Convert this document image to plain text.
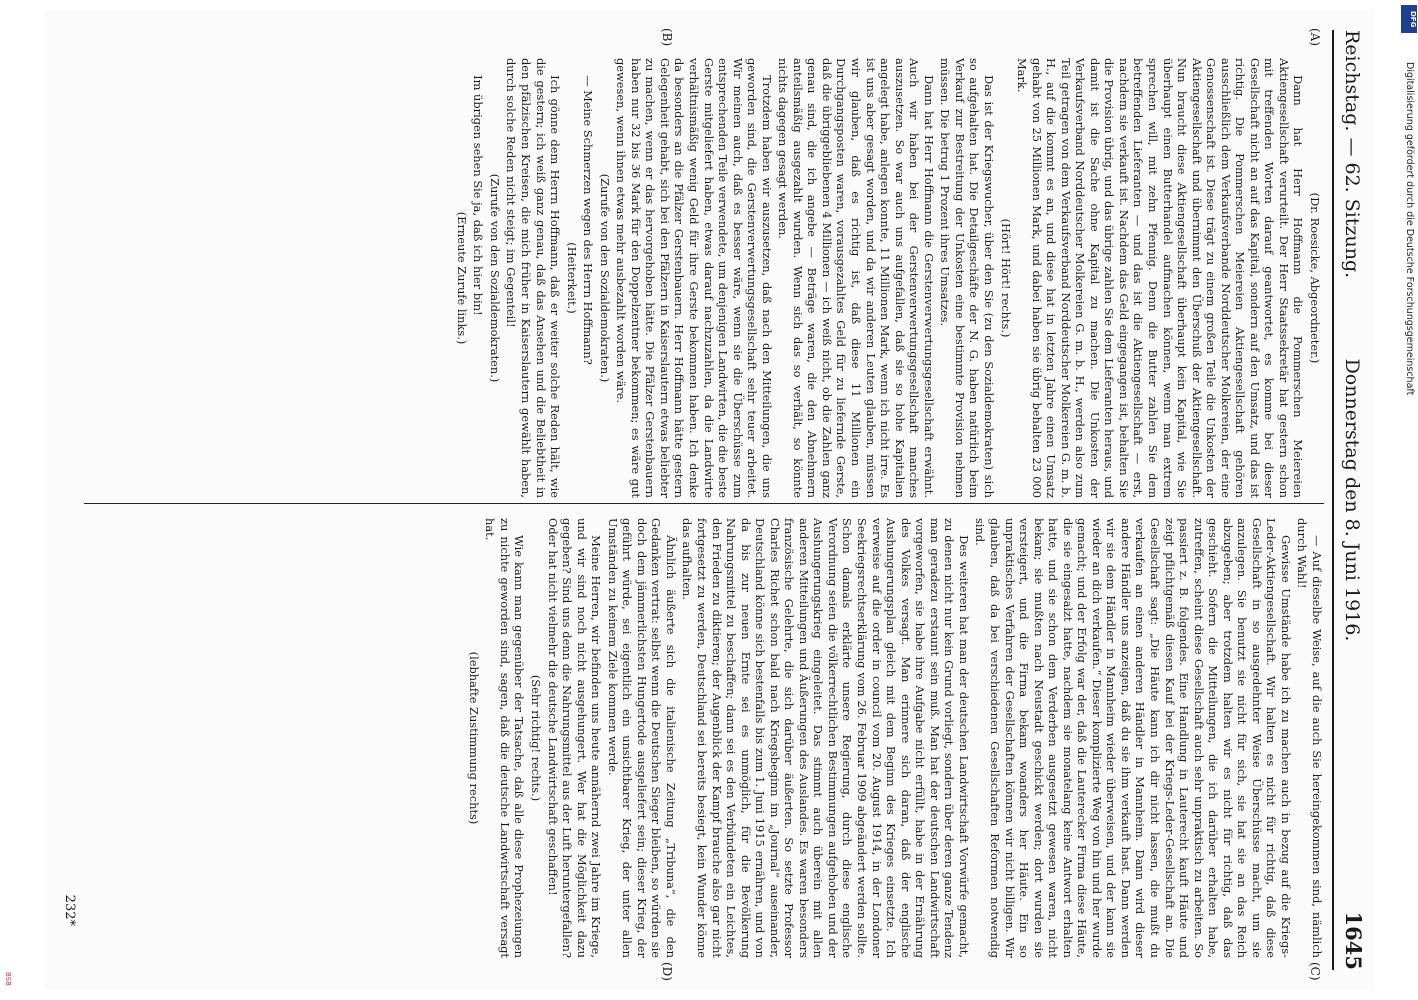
Reichstag. — 62. Sitzung.
Donnerstag den 8. Juni 1916.
1645
(A)
(B)
(C)
(D)

(Dr. Roesicke, Abgeordneter.)

Dann hat Herr Hoffmann die Pommerschen Meiereien Aktiengesellschaft verurteilt. Der Herr Staatssekretär hat gestern schon mit treffenden Worten darauf geantwortet, es komme bei dieser Gesellschaft nicht an auf das Kapital, sondern auf den Umsatz, und das ist richtig. Die Pommerschen Meiereien Aktiengesellschaft gehören ausschließlich dem Verkaufsverbande Norddeutscher Molkereien, der eine Genossenschaft ist. Diese trägt zu einem großen Teile die Unkosten der Aktiengesellschaft und übernimmt den Überschuß der Aktiengesellschaft. Nun braucht diese Aktiengesellschaft überhaupt kein Kapital, wie Sie überhaupt einen Butterhandel aufmachen können, wenn man extrem sprechen will, mit zehn Pfennig. Denn die Butter zahlen Sie dem betreffenden Lieferanten — und das ist die Aktiengesellschaft — erst, nachdem sie verkauft ist. Nachdem das Geld eingegangen ist, behalten Sie die Provision übrig, und das übrige zahlen Sie dem Lieferanten heraus, und damit ist die Sache ohne Kapital zu machen. Die Unkosten der Verkaufsverband Norddeutscher Molkereien G. m. b. H., werden also zum Teil getragen von dem Verkaufsverband Norddeutscher Molkereien G. m. b. H., auf die kommt es an, und diese hat in letzten Jahre einen Umsatz gehabt von 25 Millionen Mark, und dabei haben sie übrig behalten 23 000 Mark.

(Hört! Hört! rechts.)

Das ist der Kriegswucher, über den Sie (zu den Sozialdemokraten) sich so aufgehalten hat. Die Detailgeschäfte der N. G. haben natürlich beim Verkauf zur Bestreitung der Unkosten eine bestimmte Provision nehmen müssen. Die betrug 1 Prozent ihres Umsatzes.

Dann hat Herr Hoffmann die Gerstenverwertungsgesellschaft erwähnt. Auch wir haben bei der Gerstenverwertungsgesellschaft manches auszusetzen. So war auch uns aufgefallen, daß sie so hohe Kapitalien angelegt habe, anlegen konnte, 11 Millionen Mark, wenn ich nicht irre. Es ist uns aber gesagt worden, und da wir anderen Leuten glauben, müssen wir glauben, daß es richtig ist, daß diese 11 Millionen ein Durchgangsposten waren, vorausgezahltes Geld für zu liefernde Gerste, daß die übriggebliebenen 4 Millionen — ich weiß nicht, ob die Zahlen ganz genau sind, die ich angebe — Beträge waren, die den Abnehmern anteilsmäßig ausgezahlt wurden. Wenn sich das so verhält, so könnte nichts dagegen gesagt werden.

Trotzdem haben wir auszusetzen, daß nach den Mitteilungen, die uns geworden sind, die Gerstenverwertungsgesellschaft sehr teuer arbeitet. Wir meinen auch, daß es besser wäre, wenn sie die Überschüsse zum entsprechenden Teile verwendete, um denjenigen Landwirten, die die beste Gerste mitgeliefert haben, etwas darauf nachzuzahlen, da die Landwirte verhältnismäßig wenig Geld für ihre Gerste bekommen haben. Ich denke da besonders an die Pfälzer Gerstenbauern. Herr Hoffmann hätte gestern Gelegenheit gehabt, sich bei den Pfälzern in Kaiserslautern etwas beliebter zu machen, wenn er das hervorgehoben hätte. Die Pfälzer Gerstenbauern haben nur 32 bis 36 Mark für den Doppelzentner bekommen; es wäre gut gewesen, wenn ihnen etwas mehr ausbezahlt worden wäre.

(Zurufe von den Sozialdemokraten.)

— Meine Schmerzen wegen des Herrn Hoffmann?

(Heiterkeit.)

Ich gönne dem Herrn Hoffmann, daß er weiter solche Reden hält, wie die gestern; ich weiß ganz genau, daß das Ansehen und die Beliebtheit in den pfälzischen Kreisen, die mich früher in Kaiserslautern gewählt haben, durch solche Reden nicht steigt; im Gegenteil!

(Zurufe von den Sozialdemokraten.)

Im übrigen sehen Sie ja, daß ich hier bin!

(Erneute Zurufe links.)

— Auf dieselbe Weise, auf die auch Sie hereingekommen sind, nämlich durch Wahl!

Gewisse Umstände habe ich zu machen auch in bezug auf die Kriegs-Leder-Aktiengesellschaft. Wir halten es nicht für richtig, daß diese Gesellschaft in so ausgedehnter Weise Überschüsse macht, um sie anzulegen. Sie benutzt sie nicht für sich, sie hat sie an das Reich abzugeben; aber trotzdem halten wir es nicht für richtig, daß das geschieht. Sofern die Mitteilungen, die ich darüber erhalten habe, zutreffen, scheint diese Gesellschaft auch sehr unpraktisch zu arbeiten. So passiert z. B. folgendes. Eine Handlung in Lauterecht kauft Häute und zeigt pflichtgemäß diesen Kauf bei der Kriegs-Leder-Gesellschaft an. Die Gesellschaft sagt: „Die Häute kann ich dir nicht lassen, die mußt du verkaufen an einen anderen Händler in Mannheim. Dann wird dieser andere Händler uns anzeigen, daß du sie ihm verkauft hast. Dann werden wir sie dem Händler in Mannheim wieder überweisen, und der kann sie wieder an dich verkaufen.“ Dieser komplizierte Weg von hin und her wurde gemacht; und der Erfolg war der, daß die Lauterecker Firma diese Häute, die sie eingesalzt hatte, nachdem sie monatelang keine Antwort erhalten hatte, und sie schon dem Verderben ausgesetzt gewesen waren, nicht bekam; sie mußten nach Neustadt geschickt werden; dort wurden sie versteigert, und die Firma bekam woanders her Häute. Ein so unpraktisches Verfahren der Gesellschaften können wir nicht billigen. Wir glauben, daß da bei verschiedenen Gesellschaften Reformen notwendig sind.

Des weiteren hat man der deutschen Landwirtschaft Vorwürfe gemacht, zu denen nicht nur kein Grund vorliegt, sondern über deren ganze Tendenz man geradezu erstaunt sein muß. Man hat der deutschen Landwirtschaft vorgeworfen, sie habe ihre Aufgabe nicht erfüllt, habe in der Ernährung des Volkes versagt. Man erinnere sich daran, daß der englische Aushungerungsplan gleich mit dem Beginn des Krieges einsetzte. Ich verweise auf die order in council vom 20. August 1914, in der Londoner Seekriegsrechtserklärung vom 26. Februar 1909 abgeändert werden sollte. Schon damals erklärte unsere Regierung, durch diese englische Verordnung seien die völkerrechtlichen Bestimmungen aufgehoben und der Aushungerungskrieg eingeleitet. Das stimmt auch überein mit allen anderen Mitteilungen und Äußerungen des Auslandes. Es waren besonders französische Gelehrte, die sich darüber äußerten. So setzte Professor Charles Richet schon bald nach Kriegsbeginn im „Journal“ auseinander, Deutschland könne sich bestenfalls bis zum 1. Juni 1915 ernähren, und von da bis zur neuen Ernte sei es unmöglich, für die Bevölkerung Nahrungsmittel zu beschaffen; dann sei es den Verbündeten ein Leichtes, den Frieden zu diktieren; der Augenblick der Kampf brauche also gar nicht fortgesetzt zu werden, Deutschland sei bereits besiegt, kein Wunder könne das aufhalten.

Ähnlich äußerte sich die italienische Zeitung „Tribuna“, die den Gedanken vertrat: selbst wenn die Deutschen Sieger bleiben, so würden sie doch dem jämmerlichsten Hungertode ausgeliefert sein; dieser Krieg, der geführt würde, sei eigentlich ein unsichtbarer Krieg, der unter allen Umständen zu keinem Ziele kommen werde.

Meine Herren, wir befinden uns heute annähernd zwei Jahre im Kriege, und wir sind noch nicht ausgehungert. Wer hat die Möglichkeit dazu gegeben? Sind uns denn die Nahrungsmittel aus der Luft heruntergefallen? Oder hat nicht vielmehr die deutsche Landwirtschaft geschaffen!

(Sehr richtig! rechts.)

Wie kann man gegenüber der Tatsache, daß alle diese Prophezeiungen zu nichte geworden sind, sagen, daß die deutsche Landwirtschaft versagt hat.

(lebhafte Zustimmung rechts)

232*
DFG
Digitalisierung gefördert durch die Deutsche Forschungsgemeinschaft
BSB
